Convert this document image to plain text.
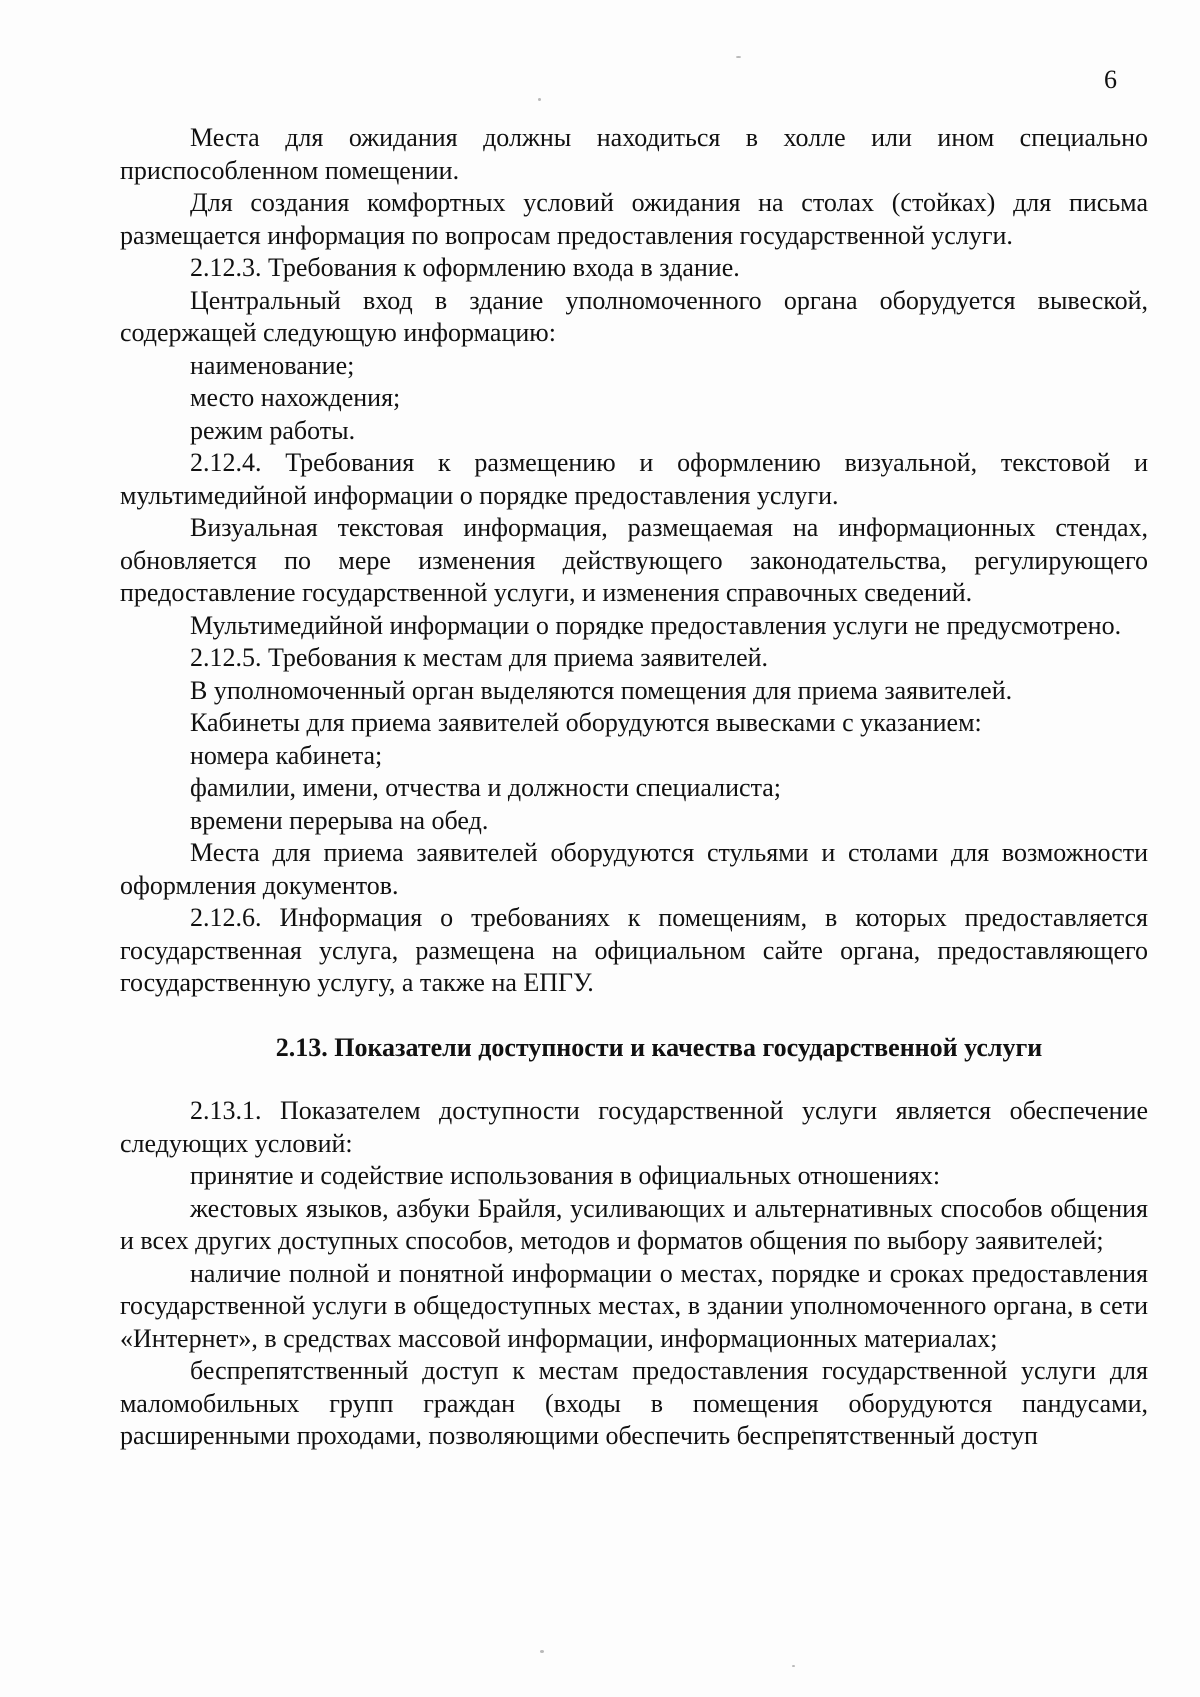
6

Места для ожидания должны находиться в холле или ином специально приспособленном помещении.

Для создания комфортных условий ожидания на столах (стойках) для письма размещается информация по вопросам предоставления государственной услуги.

2.12.3. Требования к оформлению входа в здание.

Центральный вход в здание уполномоченного органа оборудуется вывеской, содержащей следующую информацию:

наименование;

место нахождения;

режим работы.

2.12.4. Требования к размещению и оформлению визуальной, текстовой и мультимедийной информации о порядке предоставления услуги.

Визуальная текстовая информация, размещаемая на информационных стендах, обновляется по мере изменения действующего законодательства, регулирующего предоставление государственной услуги, и изменения справочных сведений.

Мультимедийной информации о порядке предоставления услуги не предусмотрено.

2.12.5. Требования к местам для приема заявителей.

В уполномоченный орган выделяются помещения для приема заявителей.

Кабинеты для приема заявителей оборудуются вывесками с указанием:

номера кабинета;

фамилии, имени, отчества и должности специалиста;

времени перерыва на обед.

Места для приема заявителей оборудуются стульями и столами для возможности оформления документов.

2.12.6. Информация о требованиях к помещениям, в которых предоставляется государственная услуга, размещена на официальном сайте органа, предоставляющего государственную услугу, а также на ЕПГУ.

2.13. Показатели доступности и качества государственной услуги

2.13.1. Показателем доступности государственной услуги является обеспечение следующих условий:

принятие и содействие использования в официальных отношениях:

жестовых языков, азбуки Брайля, усиливающих и альтернативных способов общения и всех других доступных способов, методов и форматов общения по выбору заявителей;

наличие полной и понятной информации о местах, порядке и сроках предоставления государственной услуги в общедоступных местах, в здании уполномоченного органа, в сети «Интернет», в средствах массовой информации, информационных материалах;

беспрепятственный доступ к местам предоставления государственной услуги для маломобильных групп граждан (входы в помещения оборудуются пандусами, расширенными проходами, позволяющими обеспечить беспрепятственный доступ
